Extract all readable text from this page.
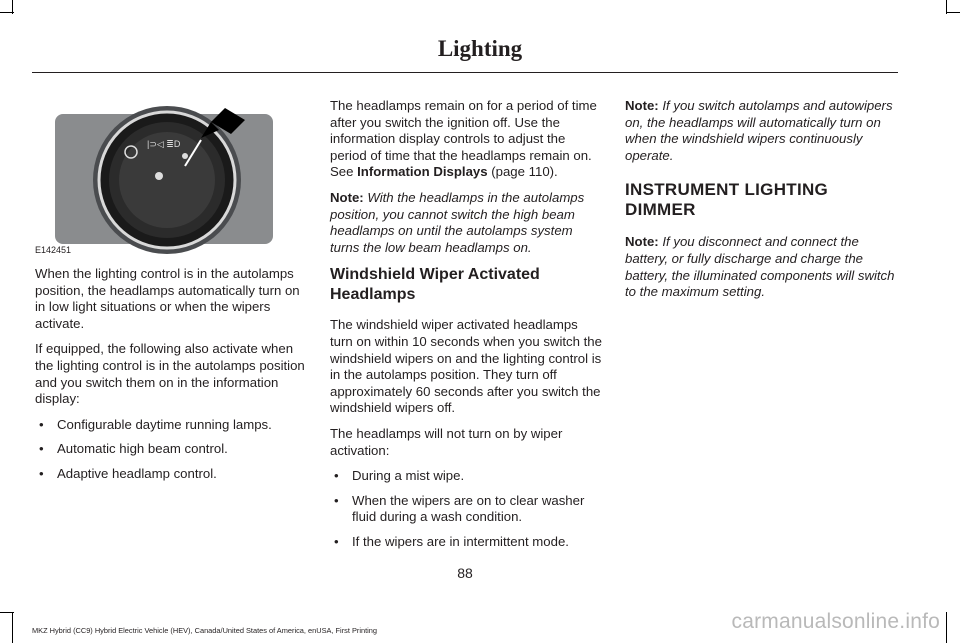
Lighting
|⊃◁ ≣D
E142451

When the lighting control is in the autolamps position, the headlamps automatically turn on in low light situations or when the wipers activate.

If equipped, the following also activate when the lighting control is in the autolamps position and you switch them on in the information display:

• Configurable daytime running lamps.
• Automatic high beam control.
• Adaptive headlamp control.

The headlamps remain on for a period of time after you switch the ignition off. Use the information display controls to adjust the period of time that the headlamps remain on. See Information Displays (page 110).

Note: With the headlamps in the autolamps position, you cannot switch the high beam headlamps on until the autolamps system turns the low beam headlamps on.

Windshield Wiper Activated Headlamps

The windshield wiper activated headlamps turn on within 10 seconds when you switch the windshield wipers on and the lighting control is in the autolamps position. They turn off approximately 60 seconds after you switch the windshield wipers off.

The headlamps will not turn on by wiper activation:

• During a mist wipe.
• When the wipers are on to clear washer fluid during a wash condition.
• If the wipers are in intermittent mode.

Note: If you switch autolamps and autowipers on, the headlamps will automatically turn on when the windshield wipers continuously operate.

INSTRUMENT LIGHTING DIMMER

Note: If you disconnect and connect the battery, or fully discharge and charge the battery, the illuminated components will switch to the maximum setting.

88
MKZ Hybrid (CC9) Hybrid Electric Vehicle (HEV), Canada/United States of America, enUSA, First Printing	carmanualsonline.info
